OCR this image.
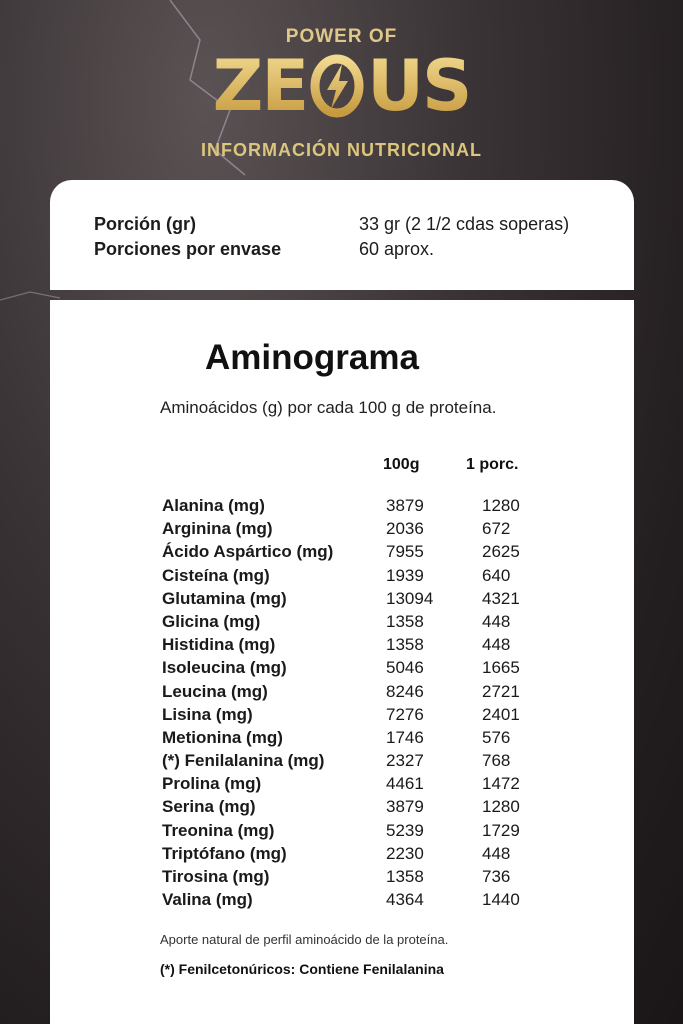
POWER OF
ZE US
INFORMACIÓN NUTRICIONAL
Porción (gr)	33 gr (2 1/2 cdas soperas)
Porciones por envase	60 aprox.
Aminograma
Aminoácidos (g) por cada 100 g de proteína.
100g	1 porc.
Alanina (mg)	3879	1280
Arginina (mg)	2036	672
Ácido Aspártico (mg)	7955	2625
Cisteína (mg)	1939	640
Glutamina (mg)	13094	4321
Glicina (mg)	1358	448
Histidina (mg)	1358	448
Isoleucina (mg)	5046	1665
Leucina (mg)	8246	2721
Lisina (mg)	7276	2401
Metionina (mg)	1746	576
(*) Fenilalanina (mg)	2327	768
Prolina (mg)	4461	1472
Serina (mg)	3879	1280
Treonina (mg)	5239	1729
Triptófano (mg)	2230	448
Tirosina (mg)	1358	736
Valina (mg)	4364	1440
Aporte natural de perfil aminoácido de la proteína.
(*) Fenilcetonúricos: Contiene Fenilalanina
